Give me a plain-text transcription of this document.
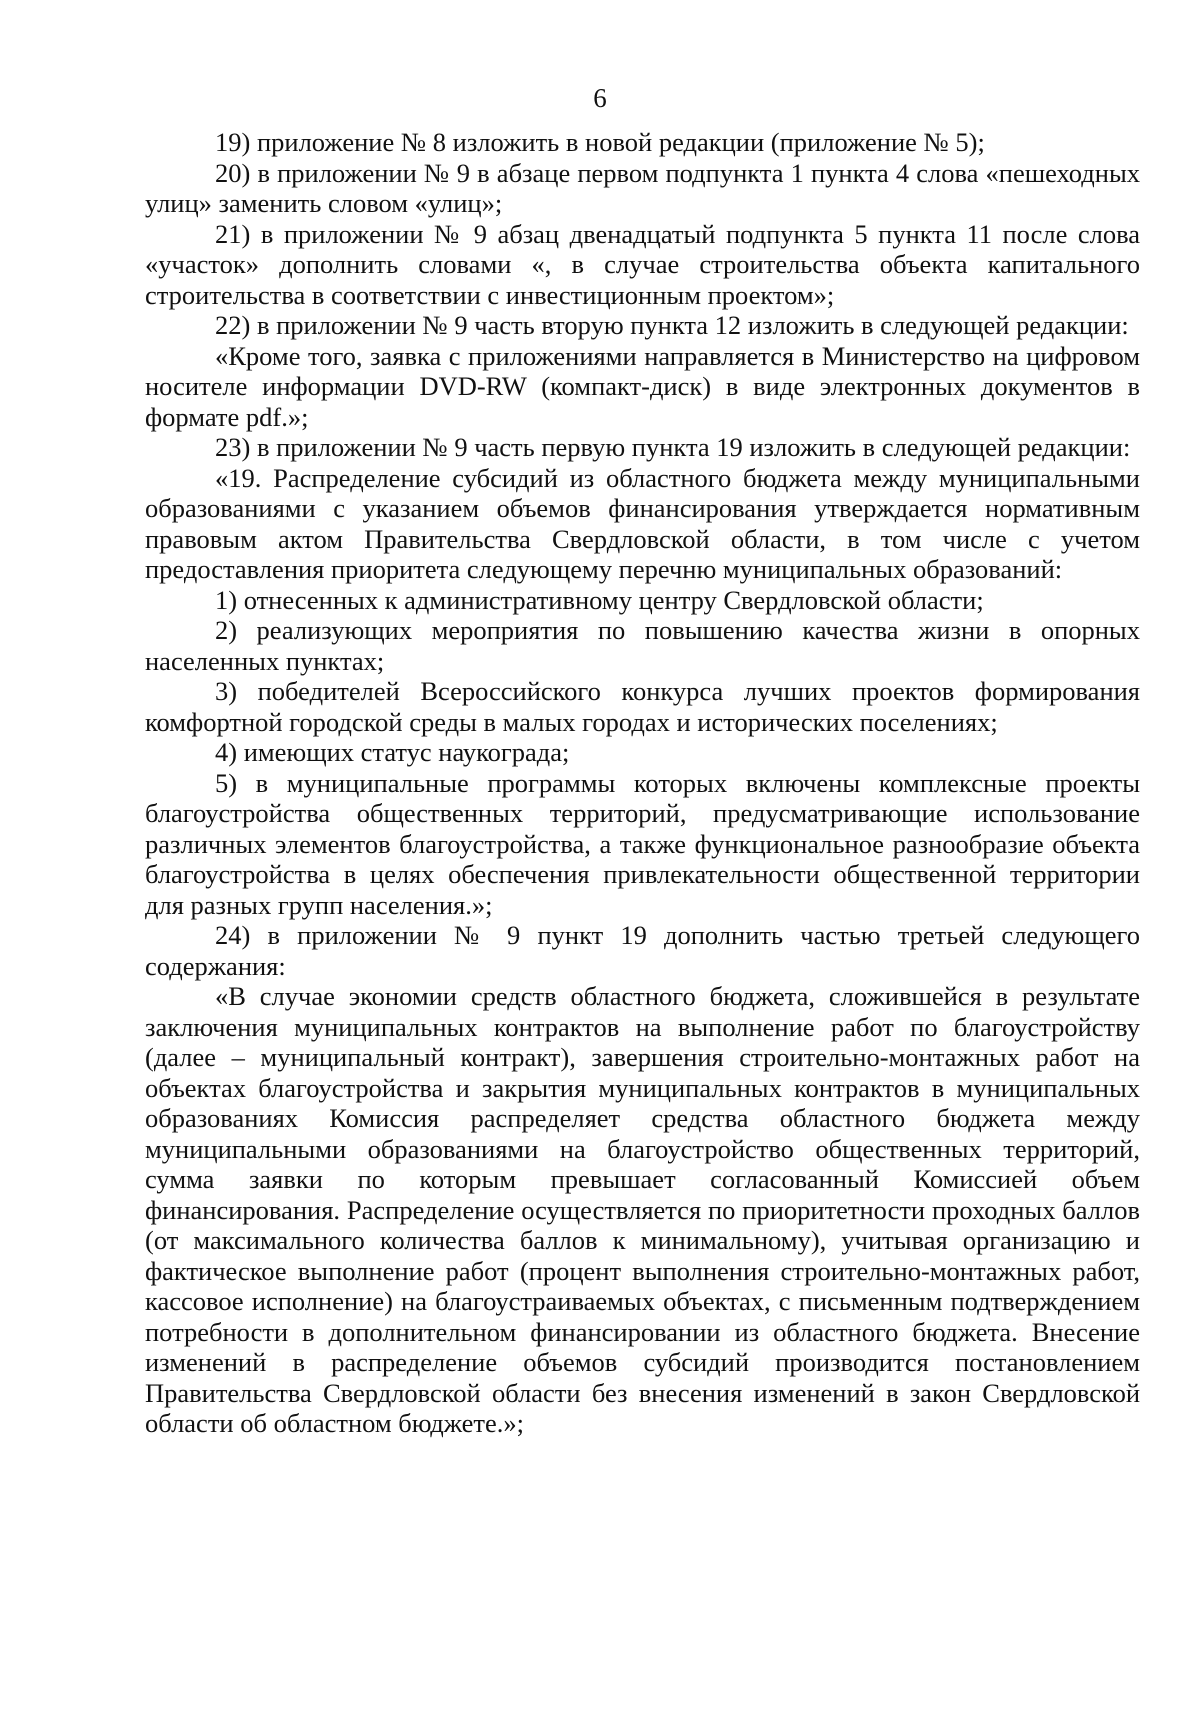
6

19) приложение № 8 изложить в новой редакции (приложение № 5);

20) в приложении № 9 в абзаце первом подпункта 1 пункта 4 слова «пешеходных улиц» заменить словом «улиц»;

21) в приложении № 9 абзац двенадцатый подпункта 5 пункта 11 после слова «участок» дополнить словами «, в случае строительства объекта капитального строительства в соответствии с инвестиционным проектом»;

22) в приложении № 9 часть вторую пункта 12 изложить в следующей редакции:

«Кроме того, заявка с приложениями направляется в Министерство на цифровом носителе информации DVD-RW (компакт-диск) в виде электронных документов в формате pdf.»;

23) в приложении № 9 часть первую пункта 19 изложить в следующей редакции:

«19. Распределение субсидий из областного бюджета между муниципальными образованиями с указанием объемов финансирования утверждается нормативным правовым актом Правительства Свердловской области, в том числе с учетом предоставления приоритета следующему перечню муниципальных образований:

1) отнесенных к административному центру Свердловской области;

2) реализующих мероприятия по повышению качества жизни в опорных населенных пунктах;

3) победителей Всероссийского конкурса лучших проектов формирования комфортной городской среды в малых городах и исторических поселениях;

4) имеющих статус наукограда;

5) в муниципальные программы которых включены комплексные проекты благоустройства общественных территорий, предусматривающие использование различных элементов благоустройства, а также функциональное разнообразие объекта благоустройства в целях обеспечения привлекательности общественной территории для разных групп населения.»;

24) в приложении № 9 пункт 19 дополнить частью третьей следующего содержания:

«В случае экономии средств областного бюджета, сложившейся в результате заключения муниципальных контрактов на выполнение работ по благоустройству (далее – муниципальный контракт), завершения строительно-монтажных работ на объектах благоустройства и закрытия муниципальных контрактов в муниципальных образованиях Комиссия распределяет средства областного бюджета между муниципальными образованиями на благоустройство общественных территорий, сумма заявки по которым превышает согласованный Комиссией объем финансирования. Распределение осуществляется по приоритетности проходных баллов (от максимального количества баллов к минимальному), учитывая организацию и фактическое выполнение работ (процент выполнения строительно-монтажных работ, кассовое исполнение) на благоустраиваемых объектах, с письменным подтверждением потребности в дополнительном финансировании из областного бюджета. Внесение изменений в распределение объемов субсидий производится постановлением Правительства Свердловской области без внесения изменений в закон Свердловской области об областном бюджете.»;
